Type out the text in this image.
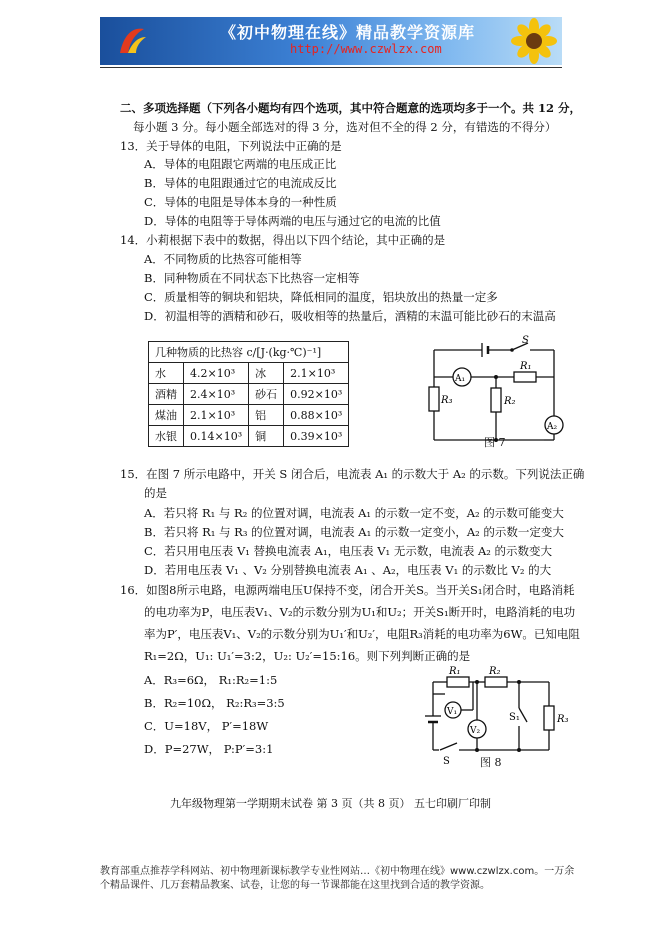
《初中物理在线》精品教学资源库
http://www.czwlzx.com
二、多项选择题（下列各小题均有四个选项，其中符合题意的选项均多于一个。共 12 分，
每小题 3 分。每小题全部选对的得 3 分，选对但不全的得 2 分，有错选的不得分）
13．关于导体的电阻，下列说法中正确的是
A．导体的电阻跟它两端的电压成正比
B．导体的电阻跟通过它的电流成反比
C．导体的电阻是导体本身的一种性质
D．导体的电阻等于导体两端的电压与通过它的电流的比值
14．小莉根据下表中的数据，得出以下四个结论，其中正确的是
A．不同物质的比热容可能相等
B．同种物质在不同状态下比热容一定相等
C．质量相等的铜块和铝块，降低相同的温度，铝块放出的热量一定多
D．初温相等的酒精和砂石，吸收相等的热量后，酒精的末温可能比砂石的末温高
几种物质的比热容 c/[J·(kg·℃)⁻¹]			
水	4.2×10³	冰	2.1×10³
酒精	2.4×10³	砂石	0.92×10³
煤油	2.1×10³	铝	0.88×10³
水银	0.14×10³	铜	0.39×10³
S
R₁
A₁
R₃	R₂
A₂
图 7
15．在图 7 所示电路中，开关 S 闭合后，电流表 A₁ 的示数大于 A₂ 的示数。下列说法正确
的是
A．若只将 R₁ 与 R₂ 的位置对调，电流表 A₁ 的示数一定不变，A₂ 的示数可能变大
B．若只将 R₁ 与 R₃ 的位置对调，电流表 A₁ 的示数一定变小，A₂ 的示数一定变大
C．若只用电压表 V₁ 替换电流表 A₁，电压表 V₁ 无示数，电流表 A₂ 的示数变大
D．若用电压表 V₁ 、V₂ 分别替换电流表 A₁ 、A₂，电压表 V₁ 的示数比 V₂ 的大
16．如图8所示电路，电源两端电压U保持不变，闭合开关S。当开关S₁闭合时，电路消耗
的电功率为P，电压表V₁、V₂的示数分别为U₁和U₂；开关S₁断开时，电路消耗的电功
率为P′，电压表V₁、V₂的示数分别为U₁′和U₂′，电阻R₃消耗的电功率为6W。已知电阻
R₁=2Ω，U₁: U₁′=3:2，U₂: U₂′=15:16。则下列判断正确的是
A．R₃=6Ω， R₁:R₂=1:5
B．R₂=10Ω， R₂:R₃=3:5
C．U=18V， P′=18W
D．P=27W， P:P′=3:1
R₁	R₂
R₃
V₁
V₂
S₁
S	图 8
九年级物理第一学期期末试卷 第 3 页（共 8 页） 五七印刷厂印制
教育部重点推荐学科网站、初中物理新课标教学专业性网站…《初中物理在线》www.czwlzx.com。一万余
个精品课件、几万套精品教案、试卷，让您的每一节课都能在这里找到合适的教学资源。
